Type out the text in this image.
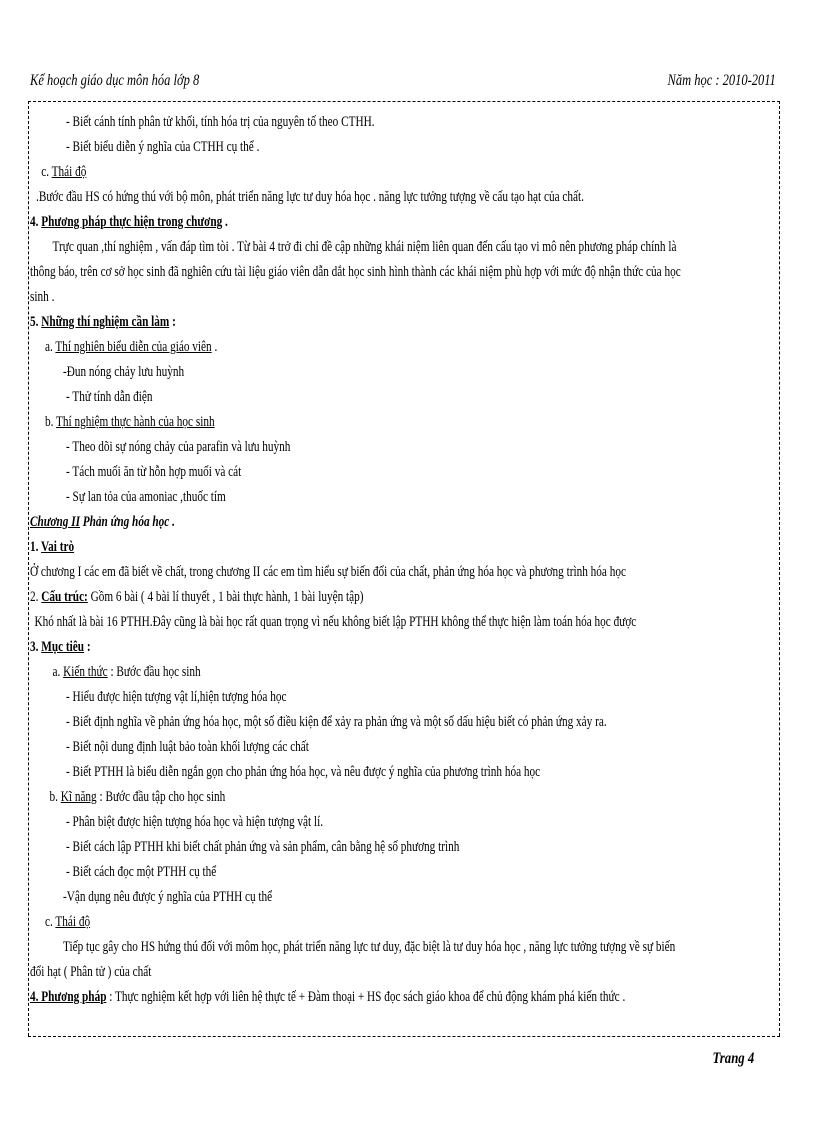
Kế hoạch giáo dục môn hóa lớp 8	Năm học : 2010-2011
- Biết cánh tính phân tử khối, tính hóa trị của nguyên tố theo CTHH.
- Biết biểu diễn ý nghĩa của CTHH cụ thể .
c. Thái độ
.Bước đầu HS có hứng thú với bộ môn, phát triển năng lực tư duy hóa học . năng lực tưởng tượng về cấu tạo hạt của chất.
4. Phương pháp thực hiện trong chương .
Trực quan ,thí nghiệm , vấn đáp tìm tòi . Từ bài 4 trở đi chỉ đề cập những khái niệm liên quan đến cấu tạo vi mô nên phương pháp chính là
thông báo, trên cơ sở học sinh đã nghiên cứu tài liệu giáo viên dẫn dắt học sinh hình thành các khái niệm phù hợp với mức độ nhận thức của học
sinh .
5. Những thí nghiệm cần làm :
a. Thí nghiên biểu diễn của giáo viên .
-Đun nóng chảy lưu huỳnh
- Thử tính dẫn điện
b. Thí nghiệm thực hành của học sinh
- Theo dõi sự nóng chảy của parafin và lưu huỳnh
- Tách muối ăn từ hỗn hợp muối và cát
- Sự lan tỏa của amoniac ,thuốc tím
Chương II Phản ứng hóa học .
1. Vai trò
Ở chương I các em đã biết về chất, trong chương II các em tìm hiểu sự biến đổi của chất, phản ứng hóa học và phương trình hóa học
2. Cấu trúc: Gồm 6 bài ( 4 bài lí thuyết , 1 bài thực hành, 1 bài luyện tập)
Khó nhất là bài 16 PTHH.Đây cũng là bài học rất quan trọng vì nếu không biết lập PTHH không thể thực hiện làm toán hóa học được
3. Mục tiêu :
a. Kiến thức : Bước đầu học sinh
- Hiểu được hiện tượng vật lí,hiện tượng hóa học
- Biết định nghĩa về phản ứng hóa học, một số điều kiện để xảy ra phản ứng và một số dấu hiệu biết có phản ứng xảy ra.
- Biết nội dung định luật bảo toàn khối lượng các chất
- Biết PTHH là biểu diễn ngắn gọn cho phản ứng hóa học, và nêu được ý nghĩa của phương trình hóa học
b. Kĩ năng : Bước đầu tập cho học sinh
- Phân biệt được hiện tượng hóa học và hiện tượng vật lí.
- Biết cách lập PTHH khi biết chất phản ứng và sản phẩm, cân bằng hệ số phương trình
- Biết cách đọc một PTHH cụ thể
-Vận dụng nêu được ý nghĩa của PTHH cụ thể
c. Thái độ
Tiếp tục gây cho HS hứng thú đối với môm học, phát triển năng lực tư duy, đặc biệt là tư duy hóa học , năng lực tưởng tượng về sự biến
đổi hạt ( Phân tử ) của chất
4. Phương pháp : Thực nghiệm kết hợp với liên hệ thực tế + Đàm thoại + HS đọc sách giáo khoa để chủ động khám phá kiến thức .
Trang 4
